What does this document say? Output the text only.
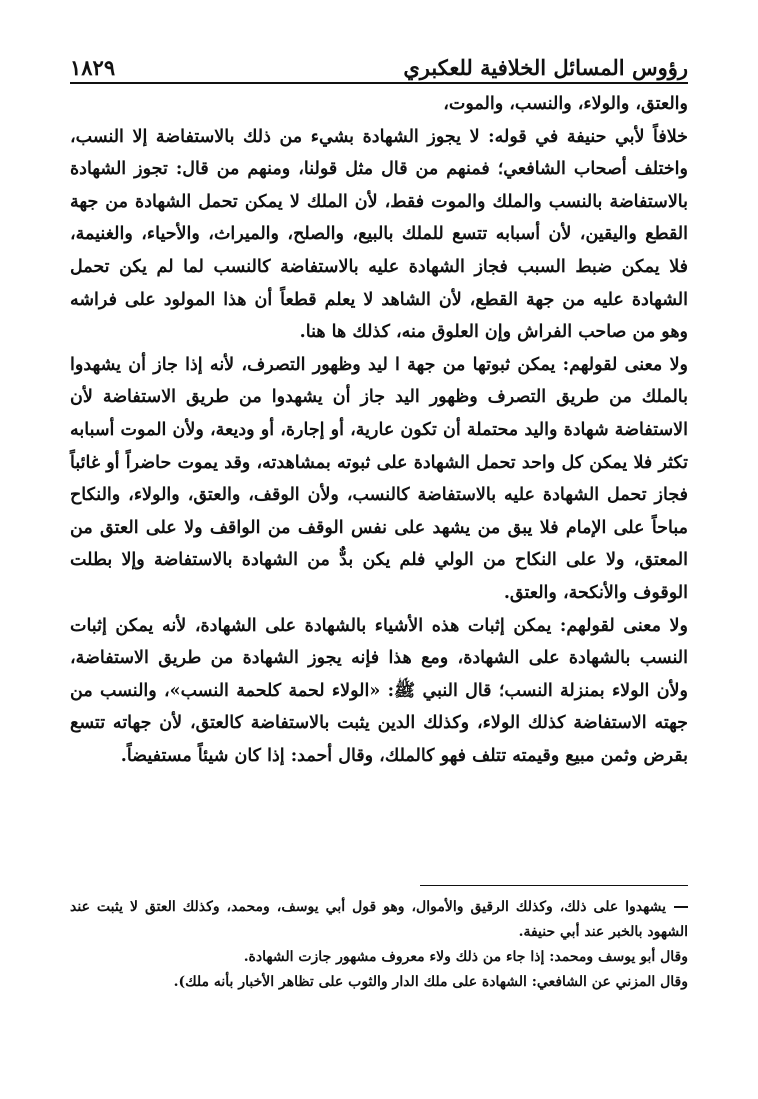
رؤوس المسائل الخلافية للعكبري
١٨٢٩

والعتق، والولاء، والنسب، والموت،

خلافاً لأبي حنيفة في قوله: لا يجوز الشهادة بشيء من ذلك بالاستفاضة إلا النسب، واختلف أصحاب الشافعي؛ فمنهم من قال مثل قولنا، ومنهم من قال: تجوز الشهادة بالاستفاضة بالنسب والملك والموت فقط، لأن الملك لا يمكن تحمل الشهادة من جهة القطع واليقين، لأن أسبابه تتسع للملك بالبيع، والصلح، والميراث، والأحياء، والغنيمة، فلا يمكن ضبط السبب فجاز الشهادة عليه بالاستفاضة كالنسب لما لم يكن تحمل الشهادة عليه من جهة القطع، لأن الشاهد لا يعلم قطعاً أن هذا المولود على فراشه وهو من صاحب الفراش وإن العلوق منه، كذلك ها هنا.

ولا معنى لقولهم: يمكن ثبوتها من جهة ا ليد وظهور التصرف، لأنه إذا جاز أن يشهدوا بالملك من طريق التصرف وظهور اليد جاز أن يشهدوا من طريق الاستفاضة لأن الاستفاضة شهادة واليد محتملة أن تكون عارية، أو إجارة، أو وديعة، ولأن الموت أسبابه تكثر فلا يمكن كل واحد تحمل الشهادة على ثبوته بمشاهدته، وقد يموت حاضراً أو غائباً فجاز تحمل الشهادة عليه بالاستفاضة كالنسب، ولأن الوقف، والعتق، والولاء، والنكاح مباحاً على الإمام فلا يبق من يشهد على نفس الوقف من الواقف ولا على العتق من المعتق، ولا على النكاح من الولي فلم يكن بدٌّ من الشهادة بالاستفاضة وإلا بطلت الوقوف والأنكحة، والعتق.

ولا معنى لقولهم: يمكن إثبات هذه الأشياء بالشهادة على الشهادة، لأنه يمكن إثبات النسب بالشهادة على الشهادة، ومع هذا فإنه يجوز الشهادة من طريق الاستفاضة، ولأن الولاء بمنزلة النسب؛ قال النبي ﷺ: «الولاء لحمة كلحمة النسب»، والنسب من جهته الاستفاضة كذلك الولاء، وكذلك الدين يثبت بالاستفاضة كالعتق، لأن جهاته تتسع بقرض وثمن مبيع وقيمته تتلف فهو كالملك، وقال أحمد: إذا كان شيئاً مستفيضاً.

يشهدوا على ذلك، وكذلك الرقيق والأموال، وهو قول أبي يوسف، ومحمد، وكذلك العتق لا يثبت عند الشهود بالخبر عند أبي حنيفة.

وقال أبو يوسف ومحمد: إذا جاء من ذلك ولاء معروف مشهور جازت الشهادة.

وقال المزني عن الشافعي: الشهادة على ملك الدار والثوب على تظاهر الأخبار بأنه ملك).
